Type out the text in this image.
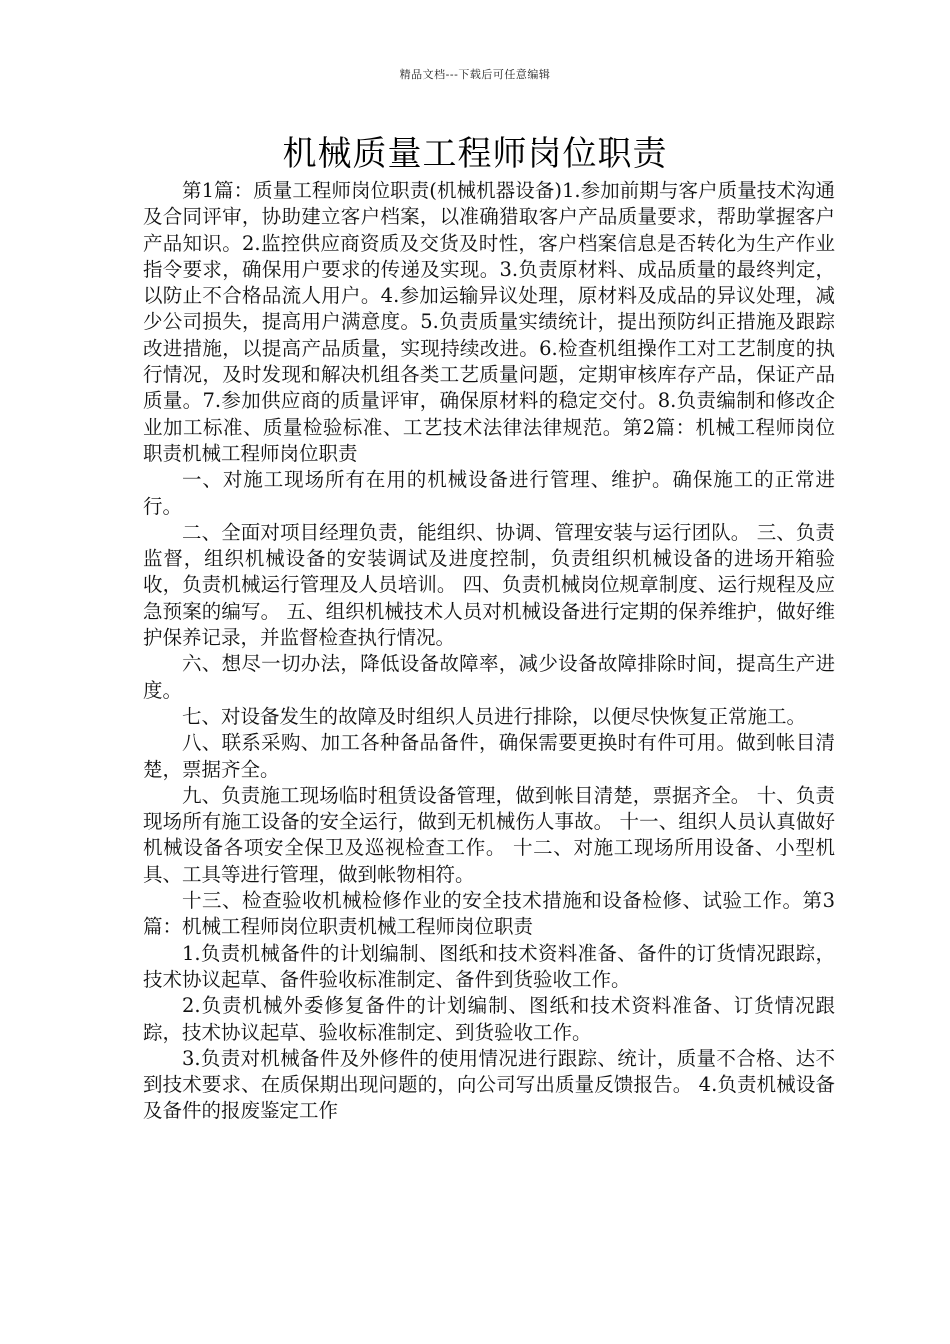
精品文档---下载后可任意编辑
机械质量工程师岗位职责

第1篇：质量工程师岗位职责(机械机器设备)1.参加前期与客户质量技术沟通及合同评审，协助建立客户档案，以准确猎取客户产品质量要求，帮助掌握客户产品知识。2.监控供应商资质及交货及时性，客户档案信息是否转化为生产作业指令要求，确保用户要求的传递及实现。3.负责原材料、成品质量的最终判定，以防止不合格品流人用户。4.参加运输异议处理，原材料及成品的异议处理，减少公司损失，提高用户满意度。5.负责质量实绩统计，提出预防纠正措施及跟踪改进措施，以提高产品质量，实现持续改进。6.检查机组操作工对工艺制度的执行情况，及时发现和解决机组各类工艺质量问题，定期审核库存产品，保证产品质量。7.参加供应商的质量评审，确保原材料的稳定交付。8.负责编制和修改企业加工标准、质量检验标准、工艺技术法律法律规范。第2篇：机械工程师岗位职责机械工程师岗位职责

一、对施工现场所有在用的机械设备进行管理、维护。确保施工的正常进行。

二、全面对项目经理负责，能组织、协调、管理安装与运行团队。 三、负责监督，组织机械设备的安装调试及进度控制，负责组织机械设备的进场开箱验收，负责机械运行管理及人员培训。 四、负责机械岗位规章制度、运行规程及应急预案的编写。 五、组织机械技术人员对机械设备进行定期的保养维护，做好维护保养记录，并监督检查执行情况。

六、想尽一切办法，降低设备故障率，减少设备故障排除时间，提高生产进度。

七、对设备发生的故障及时组织人员进行排除，以便尽快恢复正常施工。

八、联系采购、加工各种备品备件，确保需要更换时有件可用。做到帐目清楚，票据齐全。

九、负责施工现场临时租赁设备管理，做到帐目清楚，票据齐全。 十、负责现场所有施工设备的安全运行，做到无机械伤人事故。 十一、组织人员认真做好机械设备各项安全保卫及巡视检查工作。 十二、对施工现场所用设备、小型机具、工具等进行管理，做到帐物相符。

十三、检查验收机械检修作业的安全技术措施和设备检修、试验工作。第3篇：机械工程师岗位职责机械工程师岗位职责

1.负责机械备件的计划编制、图纸和技术资料准备、备件的订货情况跟踪，技术协议起草、备件验收标准制定、备件到货验收工作。

2.负责机械外委修复备件的计划编制、图纸和技术资料准备、订货情况跟踪，技术协议起草、验收标准制定、到货验收工作。

3.负责对机械备件及外修件的使用情况进行跟踪、统计，质量不合格、达不到技术要求、在质保期出现问题的，向公司写出质量反馈报告。 4.负责机械设备及备件的报废鉴定工作
